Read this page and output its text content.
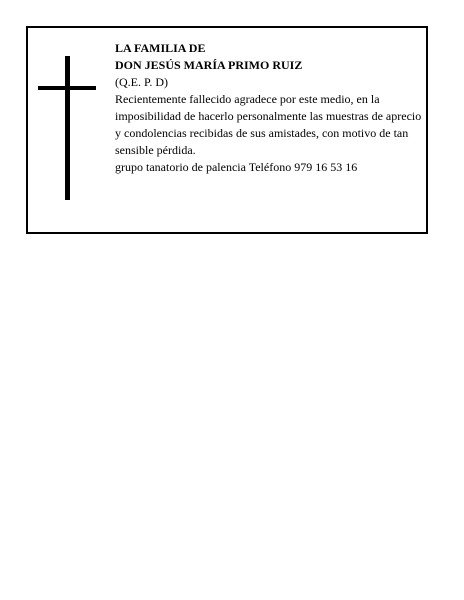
LA FAMILIA DE
DON JESÚS MARÍA PRIMO RUIZ
(Q.E. P. D)
Recientemente fallecido agradece por este medio, en la imposibilidad de hacerlo personalmente las muestras de aprecio y condolencias recibidas de sus amistades, con motivo de tan sensible pérdida.
grupo tanatorio de palencia Teléfono 979 16 53 16
